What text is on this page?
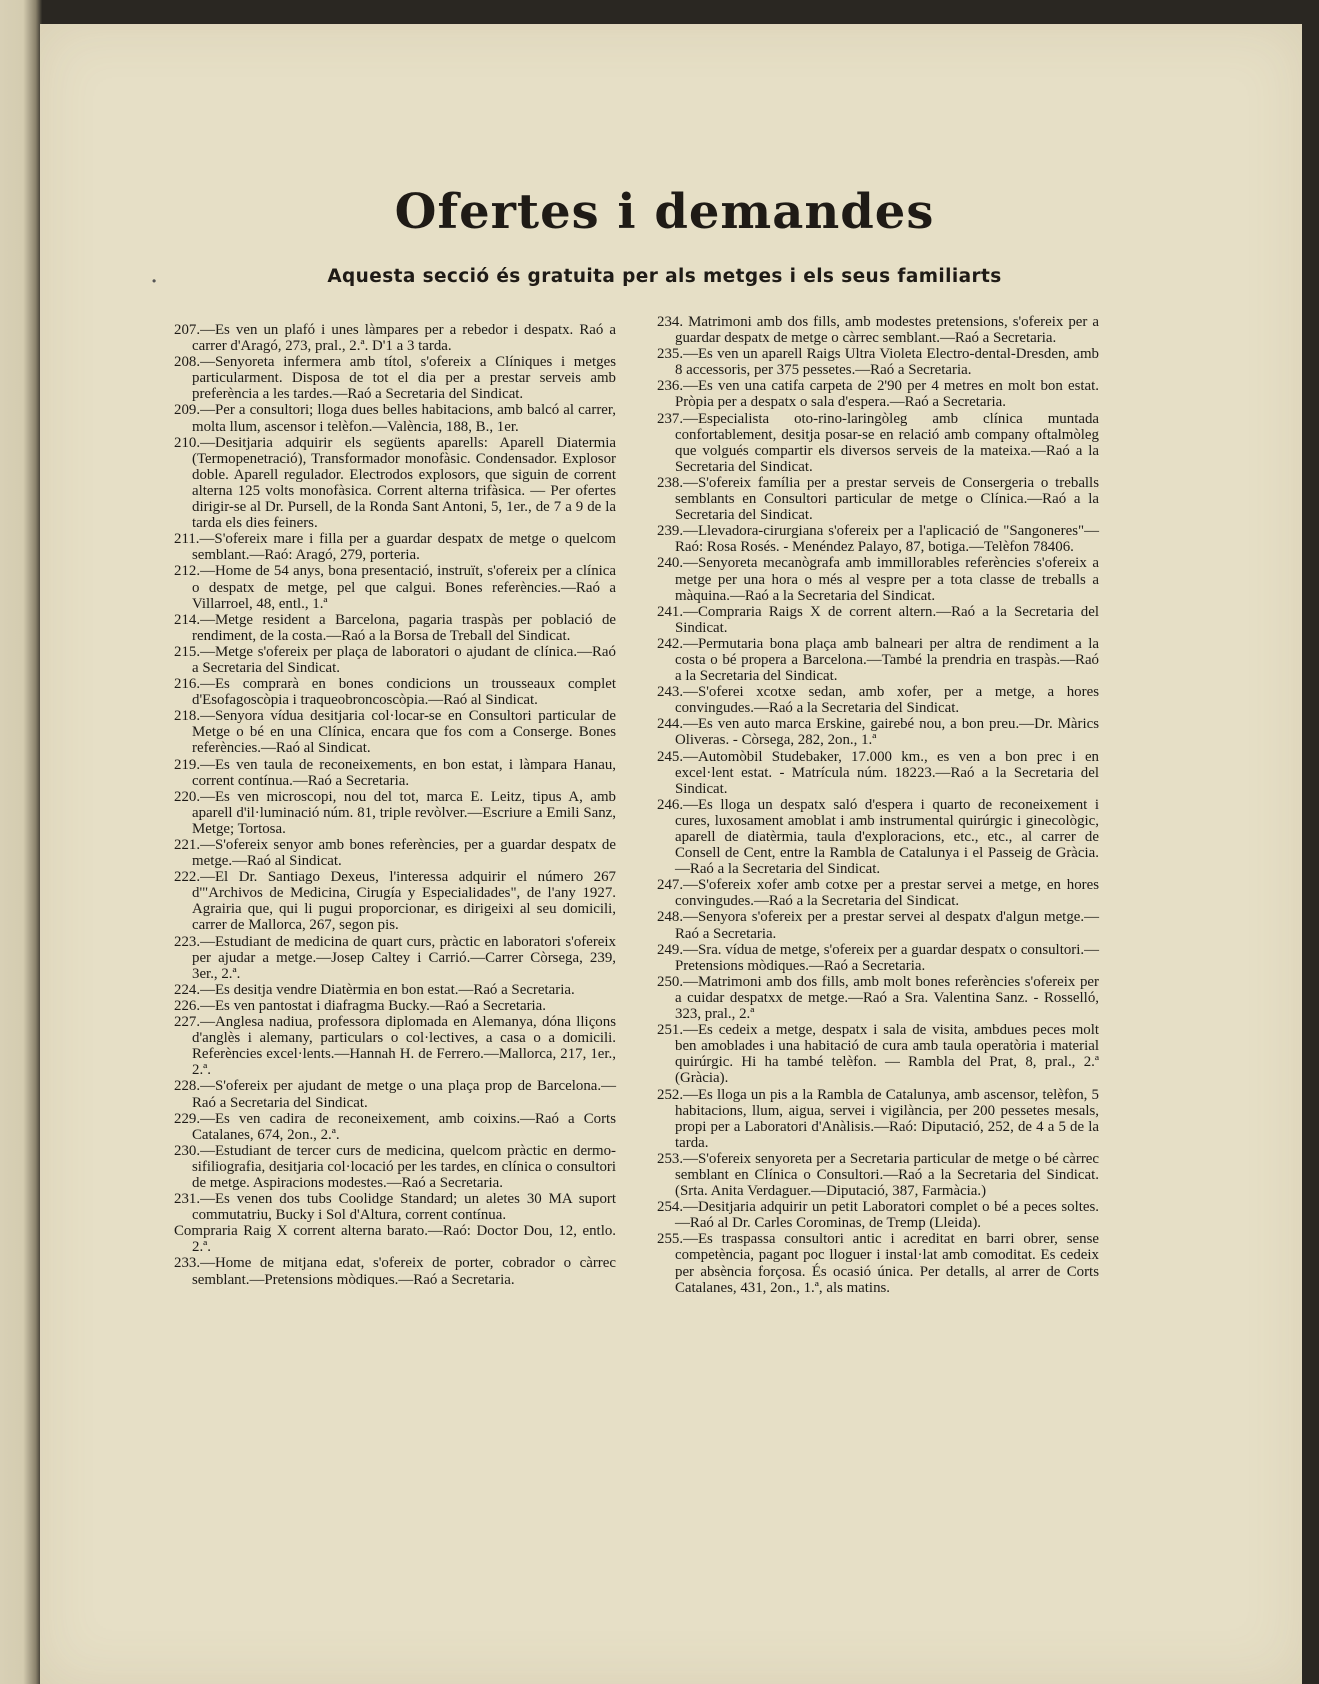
Ofertes i demandes
•	Aquesta secció és gratuita per als metges i els seus familiarts
207.—Es ven un plafó i unes làmpares per a rebedor i despatx. Raó a carrer d'Aragó, 273, pral., 2.ª. D'1 a 3 tarda.
208.—Senyoreta infermera amb títol, s'ofereix a Clíniques i metges particularment. Disposa de tot el dia per a prestar serveis amb preferència a les tardes.—Raó a Secretaria del Sindicat.
209.—Per a consultori; lloga dues belles habitacions, amb balcó al carrer, molta llum, ascensor i telèfon.—València, 188, B., 1er.
210.—Desitjaria adquirir els següents aparells: Aparell Diatermia (Termopenetració), Transformador monofàsic. Condensador. Explosor doble. Aparell regulador. Electrodos explosors, que siguin de corrent alterna 125 volts monofàsica. Corrent alterna trifàsica. — Per ofertes dirigir-se al Dr. Pursell, de la Ronda Sant Antoni, 5, 1er., de 7 a 9 de la tarda els dies feiners.
211.—S'ofereix mare i filla per a guardar despatx de metge o quelcom semblant.—Raó: Aragó, 279, porteria.
212.—Home de 54 anys, bona presentació, instruït, s'ofereix per a clínica o despatx de metge, pel que calgui. Bones referències.—Raó a Villarroel, 48, entl., 1.ª
214.—Metge resident a Barcelona, pagaria traspàs per població de rendiment, de la costa.—Raó a la Borsa de Treball del Sindicat.
215.—Metge s'ofereix per plaça de laboratori o ajudant de clínica.—Raó a Secretaria del Sindicat.
216.—Es comprarà en bones condicions un trousseaux complet d'Esofagoscòpia i traqueobroncoscòpia.—Raó al Sindicat.
218.—Senyora vídua desitjaria col·locar-se en Consultori particular de Metge o bé en una Clínica, encara que fos com a Conserge. Bones referències.—Raó al Sindicat.
219.—Es ven taula de reconeixements, en bon estat, i làmpara Hanau, corrent contínua.—Raó a Secretaria.
220.—Es ven microscopi, nou del tot, marca E. Leitz, tipus A, amb aparell d'il·luminació núm. 81, triple revòlver.—Escriure a Emili Sanz, Metge; Tortosa.
221.—S'ofereix senyor amb bones referències, per a guardar despatx de metge.—Raó al Sindicat.
222.—El Dr. Santiago Dexeus, l'interessa adquirir el número 267 d'"Archivos de Medicina, Cirugía y Especialidades", de l'any 1927. Agrairia que, qui li pugui proporcionar, es dirigeixi al seu domicili, carrer de Mallorca, 267, segon pis.
223.—Estudiant de medicina de quart curs, pràctic en laboratori s'ofereix per ajudar a metge.—Josep Caltey i Carrió.—Carrer Còrsega, 239, 3er., 2.ª.
224.—Es desitja vendre Diatèrmia en bon estat.—Raó a Secretaria.
226.—Es ven pantostat i diafragma Bucky.—Raó a Secretaria.
227.—Anglesa nadiua, professora diplomada en Alemanya, dóna lliçons d'anglès i alemany, particulars o col·lectives, a casa o a domicili. Referències excel·lents.—Hannah H. de Ferrero.—Mallorca, 217, 1er., 2.ª.
228.—S'ofereix per ajudant de metge o una plaça prop de Barcelona.—Raó a Secretaria del Sindicat.
229.—Es ven cadira de reconeixement, amb coixins.—Raó a Corts Catalanes, 674, 2on., 2.ª.
230.—Estudiant de tercer curs de medicina, quelcom pràctic en dermo-sifiliografia, desitjaria col·locació per les tardes, en clínica o consultori de metge. Aspiracions modestes.—Raó a Secretaria.
231.—Es venen dos tubs Coolidge Standard; un aletes 30 MA suport commutatriu, Bucky i Sol d'Altura, corrent contínua.
Compraria Raig X corrent alterna barato.—Raó: Doctor Dou, 12, entlo. 2.ª.
233.—Home de mitjana edat, s'ofereix de porter, cobrador o càrrec semblant.—Pretensions mòdiques.—Raó a Secretaria.
234. Matrimoni amb dos fills, amb modestes pretensions, s'ofereix per a guardar despatx de metge o càrrec semblant.—Raó a Secretaria.
235.—Es ven un aparell Raigs Ultra Violeta Electro-dental-Dresden, amb 8 accessoris, per 375 pessetes.—Raó a Secretaria.
236.—Es ven una catifa carpeta de 2'90 per 4 metres en molt bon estat. Pròpia per a despatx o sala d'espera.—Raó a Secretaria.
237.—Especialista oto-rino-laringòleg amb clínica muntada confortablement, desitja posar-se en relació amb company oftalmòleg que volgués compartir els diversos serveis de la mateixa.—Raó a la Secretaria del Sindicat.
238.—S'ofereix família per a prestar serveis de Consergeria o treballs semblants en Consultori particular de metge o Clínica.—Raó a la Secretaria del Sindicat.
239.—Llevadora-cirurgiana s'ofereix per a l'aplicació de "Sangoneres"— Raó: Rosa Rosés. - Menéndez Palayo, 87, botiga.—Telèfon 78406.
240.—Senyoreta mecanògrafa amb immillorables referències s'ofereix a metge per una hora o més al vespre per a tota classe de treballs a màquina.—Raó a la Secretaria del Sindicat.
241.—Compraria Raigs X de corrent altern.—Raó a la Secretaria del Sindicat.
242.—Permutaria bona plaça amb balneari per altra de rendiment a la costa o bé propera a Barcelona.—També la prendria en traspàs.—Raó a la Secretaria del Sindicat.
243.—S'oferei xcotxe sedan, amb xofer, per a metge, a hores convingudes.—Raó a la Secretaria del Sindicat.
244.—Es ven auto marca Erskine, gairebé nou, a bon preu.—Dr. Màrics Oliveras. - Còrsega, 282, 2on., 1.ª
245.—Automòbil Studebaker, 17.000 km., es ven a bon prec i en excel·lent estat. - Matrícula núm. 18223.—Raó a la Secretaria del Sindicat.
246.—Es lloga un despatx saló d'espera i quarto de reconeixement i cures, luxosament amoblat i amb instrumental quirúrgic i ginecològic, aparell de diatèrmia, taula d'exploracions, etc., etc., al carrer de Consell de Cent, entre la Rambla de Catalunya i el Passeig de Gràcia.—Raó a la Secretaria del Sindicat.
247.—S'ofereix xofer amb cotxe per a prestar servei a metge, en hores convingudes.—Raó a la Secretaria del Sindicat.
248.—Senyora s'ofereix per a prestar servei al despatx d'algun metge.—Raó a Secretaria.
249.—Sra. vídua de metge, s'ofereix per a guardar despatx o consultori.—Pretensions mòdiques.—Raó a Secretaria.
250.—Matrimoni amb dos fills, amb molt bones referències s'ofereix per a cuidar despatxx de metge.—Raó a Sra. Valentina Sanz. - Rosselló, 323, pral., 2.ª
251.—Es cedeix a metge, despatx i sala de visita, ambdues peces molt ben amoblades i una habitació de cura amb taula operatòria i material quirúrgic. Hi ha també telèfon. — Rambla del Prat, 8, pral., 2.ª (Gràcia).
252.—Es lloga un pis a la Rambla de Catalunya, amb ascensor, telèfon, 5 habitacions, llum, aigua, servei i vigilància, per 200 pessetes mesals, propi per a Laboratori d'Anàlisis.—Raó: Diputació, 252, de 4 a 5 de la tarda.
253.—S'ofereix senyoreta per a Secretaria particular de metge o bé càrrec semblant en Clínica o Consultori.—Raó a la Secretaria del Sindicat. (Srta. Anita Verdaguer.—Diputació, 387, Farmàcia.)
254.—Desitjaria adquirir un petit Laboratori complet o bé a peces soltes.—Raó al Dr. Carles Corominas, de Tremp (Lleida).
255.—Es traspassa consultori antic i acreditat en barri obrer, sense competència, pagant poc lloguer i instal·lat amb comoditat. Es cedeix per absència forçosa. És ocasió única. Per detalls, al arrer de Corts Catalanes, 431, 2on., 1.ª, als matins.
